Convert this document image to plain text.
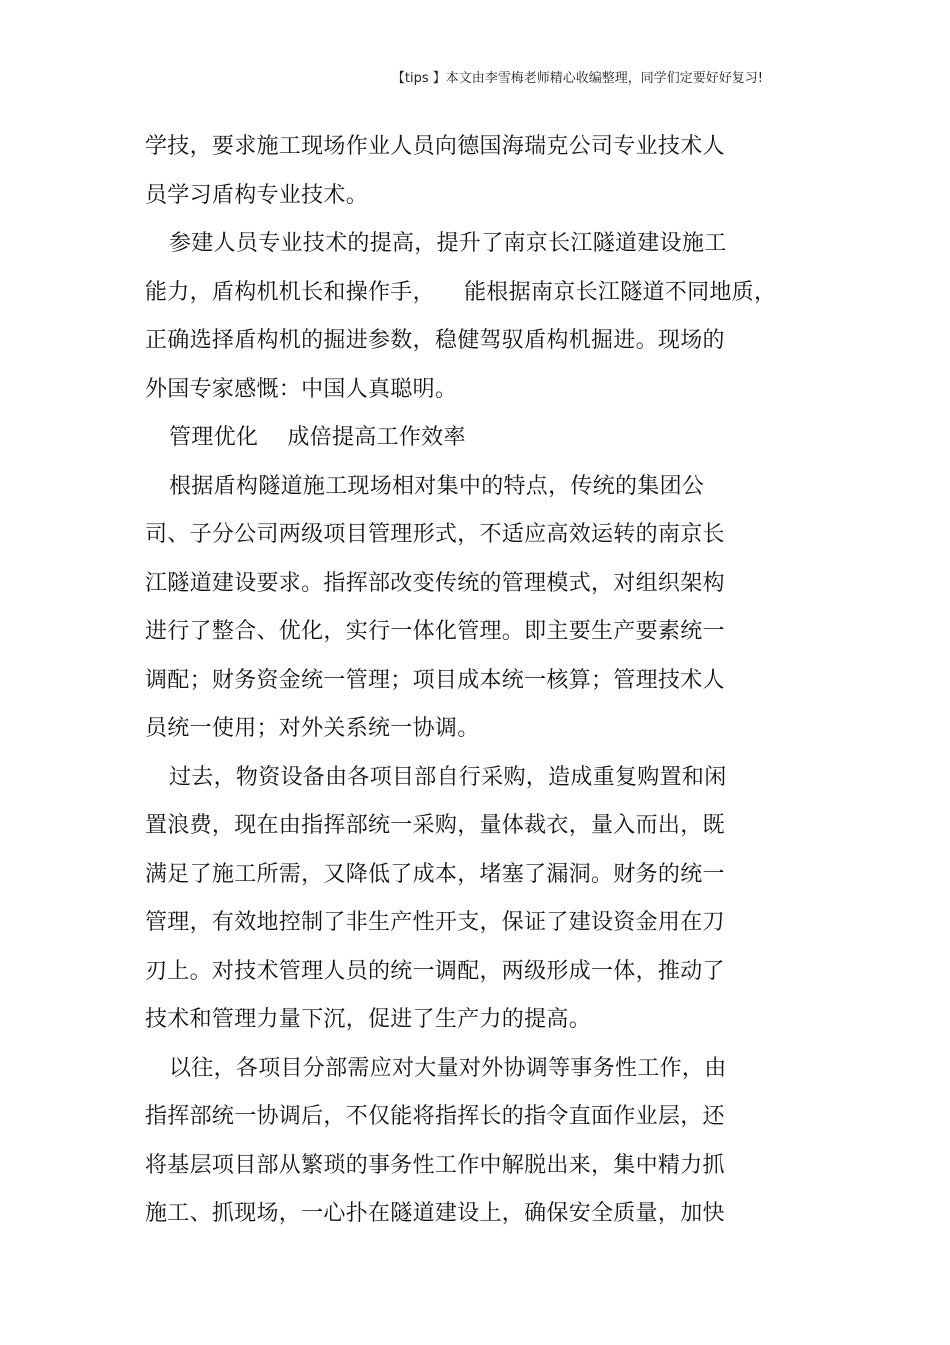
【tips 】本文由李雪梅老师精心收编整理，同学们定要好好复习!
学技，要求施工现场作业人员向德国海瑞克公司专业技术人
员学习盾构专业技术。
参建人员专业技术的提高，提升了南京长江隧道建设施工
能力，盾构机机长和操作手，    能根据南京长江隧道不同地质，
正确选择盾构机的掘进参数，稳健驾驭盾构机掘进。现场的
外国专家感慨：中国人真聪明。
管理优化    成倍提高工作效率
根据盾构隧道施工现场相对集中的特点，传统的集团公
司、子分公司两级项目管理形式，不适应高效运转的南京长
江隧道建设要求。指挥部改变传统的管理模式，对组织架构
进行了整合、优化，实行一体化管理。即主要生产要素统一
调配；财务资金统一管理；项目成本统一核算；管理技术人
员统一使用；对外关系统一协调。
过去，物资设备由各项目部自行采购，造成重复购置和闲
置浪费，现在由指挥部统一采购，量体裁衣，量入而出，既
满足了施工所需，又降低了成本，堵塞了漏洞。财务的统一
管理，有效地控制了非生产性开支，保证了建设资金用在刀
刃上。对技术管理人员的统一调配，两级形成一体，推动了
技术和管理力量下沉，促进了生产力的提高。
以往，各项目分部需应对大量对外协调等事务性工作，由
指挥部统一协调后，不仅能将指挥长的指令直面作业层，还
将基层项目部从繁琐的事务性工作中解脱出来，集中精力抓
施工、抓现场，一心扑在隧道建设上，确保安全质量，加快
